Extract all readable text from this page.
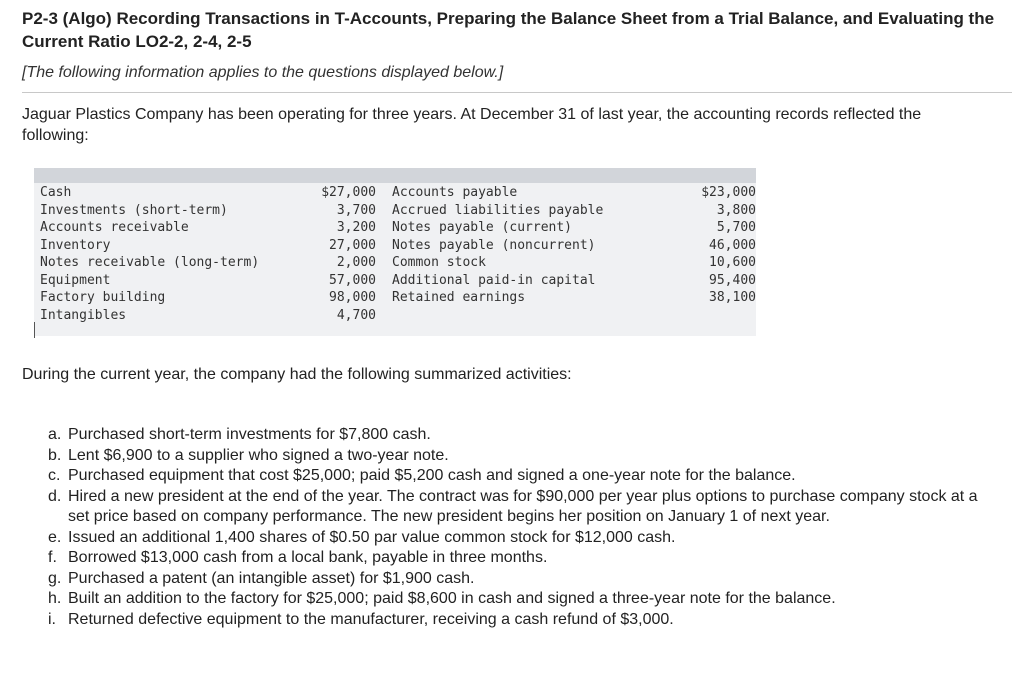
P2-3 (Algo) Recording Transactions in T-Accounts, Preparing the Balance Sheet from a Trial Balance, and Evaluating the Current Ratio LO2-2, 2-4, 2-5
[The following information applies to the questions displayed below.]
Jaguar Plastics Company has been operating for three years. At December 31 of last year, the accounting records reflected the following:
Cash	$27,000 Accounts payable	$23,000
Investments (short-term)	3,700 Accrued liabilities payable	3,800
Accounts receivable	3,200 Notes payable (current)	5,700
Inventory	27,000 Notes payable (noncurrent)	46,000
Notes receivable (long-term)	2,000 Common stock	10,600
Equipment	57,000 Additional paid-in capital	95,400
Factory building	98,000 Retained earnings	38,100
Intangibles	4,700
During the current year, the company had the following summarized activities:
a. Purchased short-term investments for $7,800 cash.
b. Lent $6,900 to a supplier who signed a two-year note.
c. Purchased equipment that cost $25,000; paid $5,200 cash and signed a one-year note for the balance.
d. Hired a new president at the end of the year. The contract was for $90,000 per year plus options to purchase company stock at a set price based on company performance. The new president begins her position on January 1 of next year.
e. Issued an additional 1,400 shares of $0.50 par value common stock for $12,000 cash.
f. Borrowed $13,000 cash from a local bank, payable in three months.
g. Purchased a patent (an intangible asset) for $1,900 cash.
h. Built an addition to the factory for $25,000; paid $8,600 in cash and signed a three-year note for the balance.
i. Returned defective equipment to the manufacturer, receiving a cash refund of $3,000.
